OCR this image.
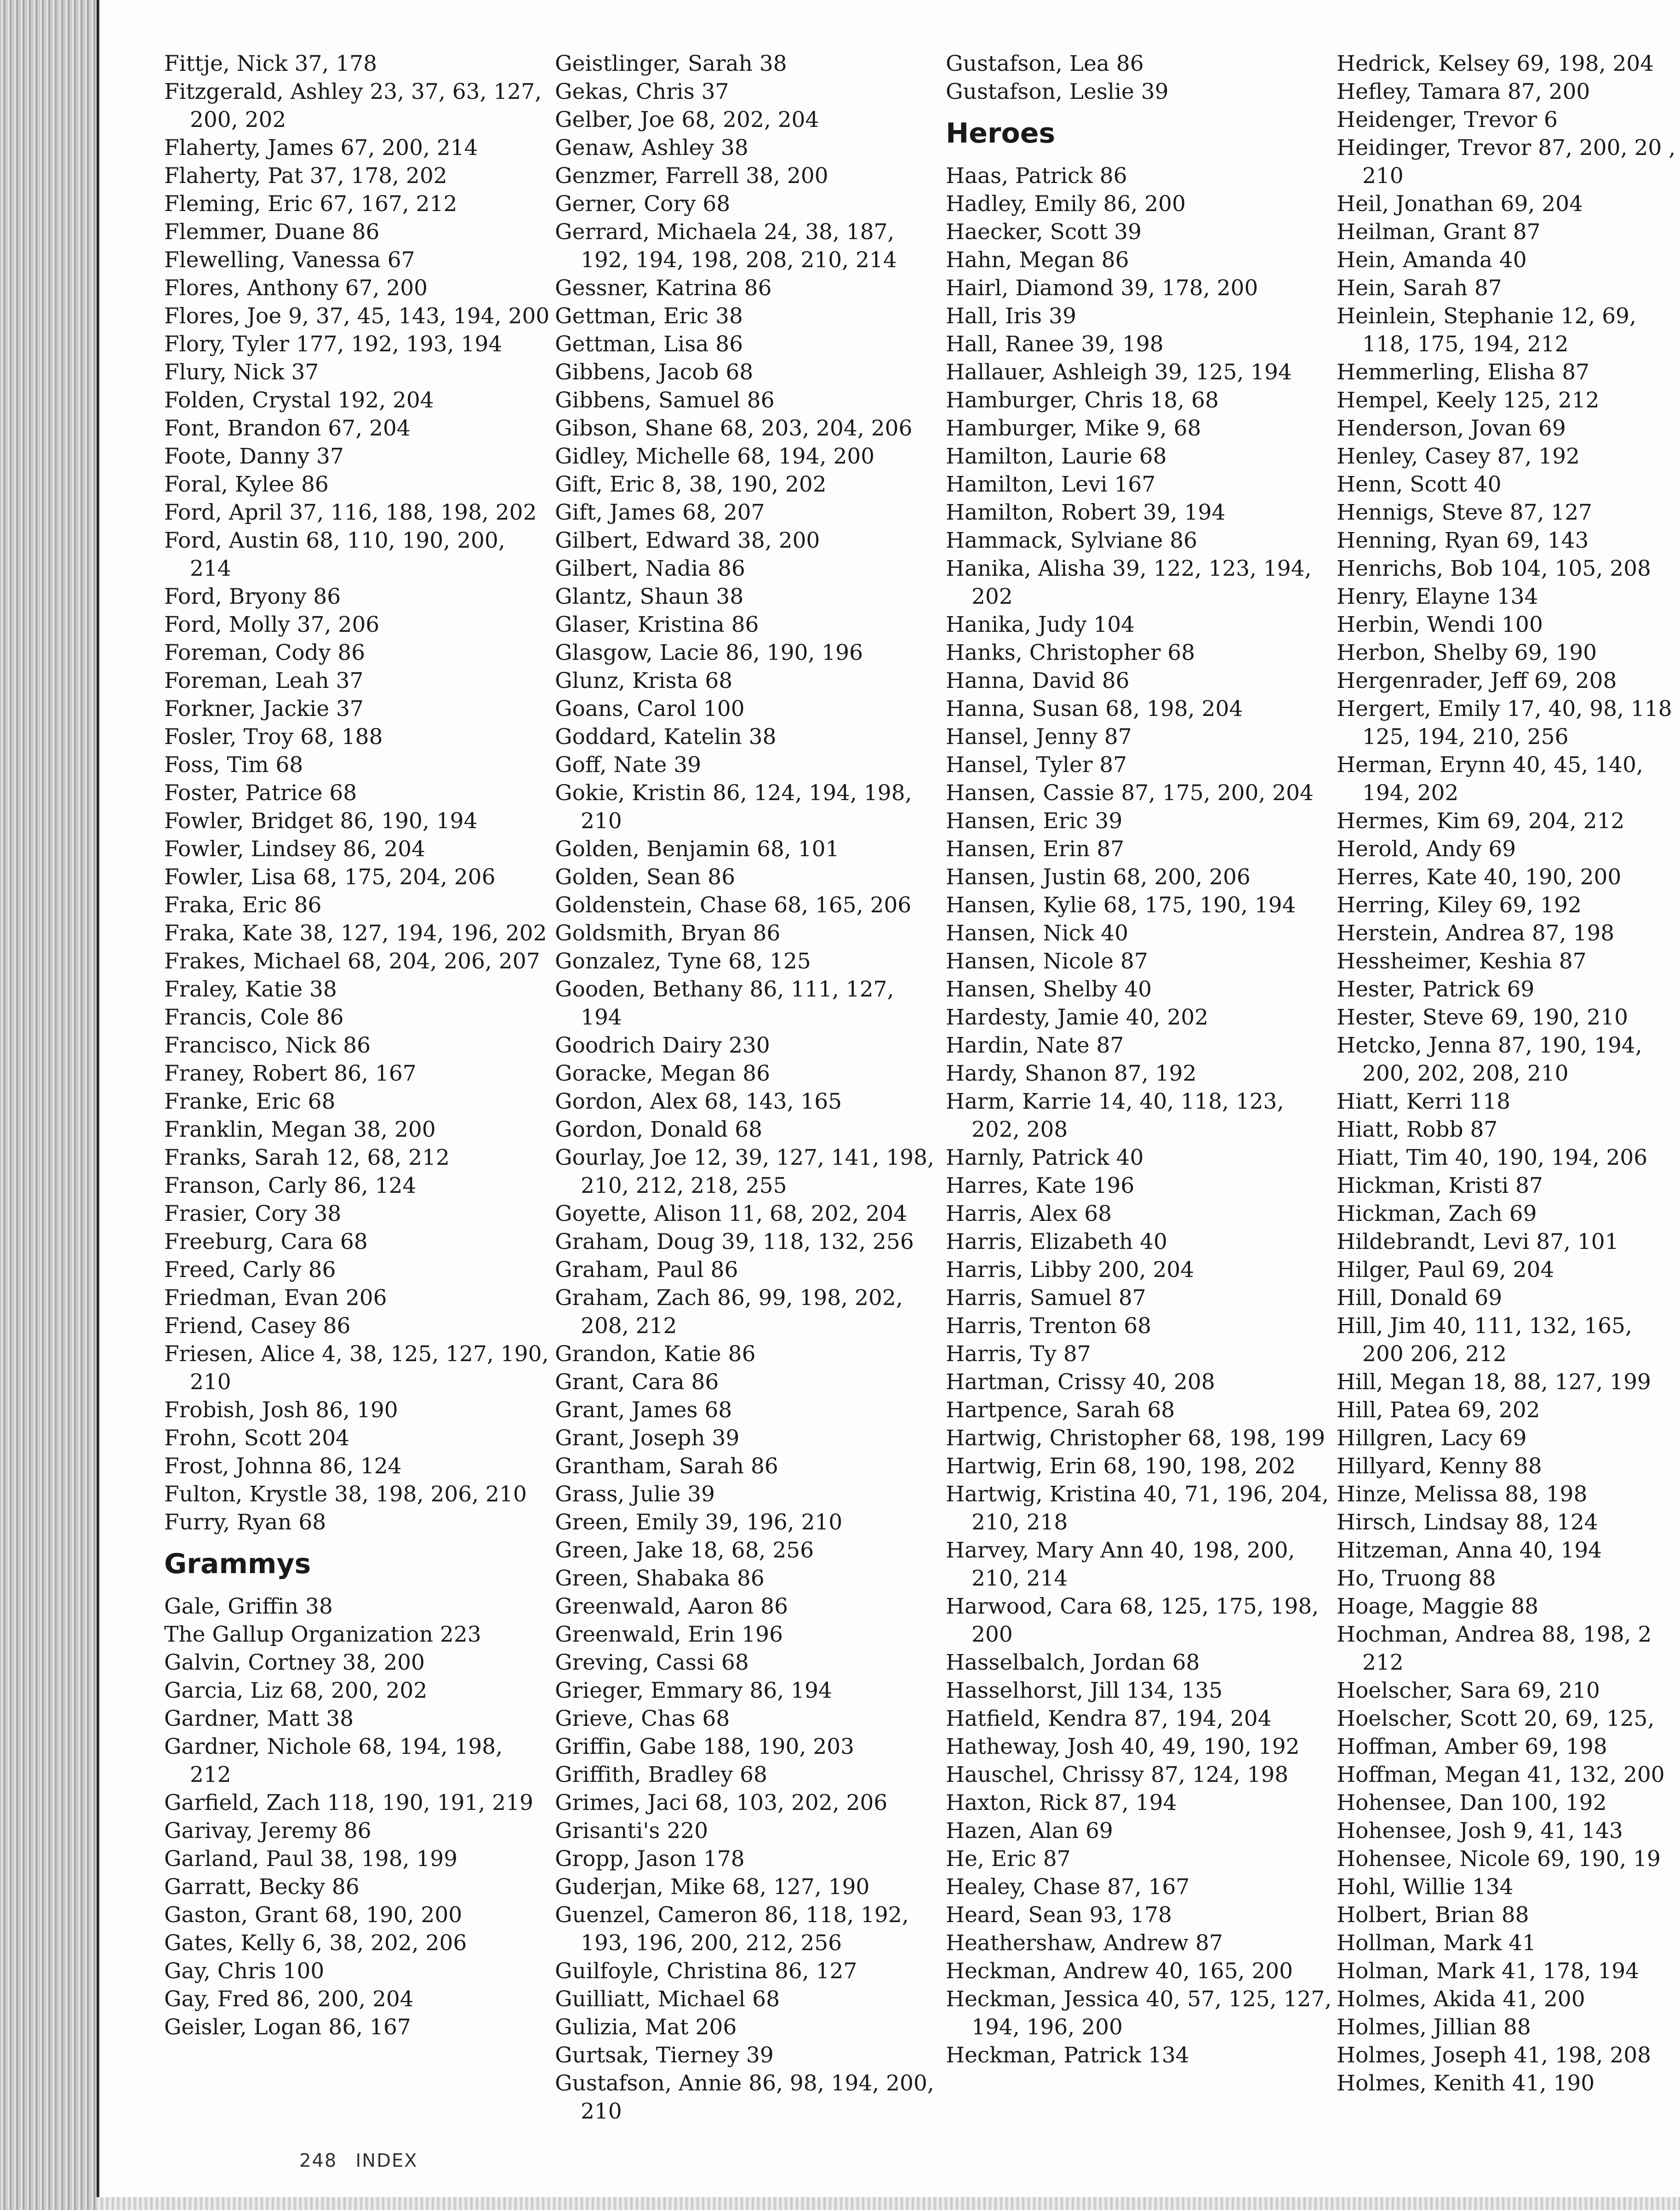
Fittje, Nick 37, 178
Fitzgerald, Ashley 23, 37, 63, 127, 200, 202
Flaherty, James 67, 200, 214
Flaherty, Pat 37, 178, 202
Fleming, Eric 67, 167, 212
Flemmer, Duane 86
Flewelling, Vanessa 67
Flores, Anthony 67, 200
Flores, Joe 9, 37, 45, 143, 194, 200
Flory, Tyler 177, 192, 193, 194
Flury, Nick 37
Folden, Crystal 192, 204
Font, Brandon 67, 204
Foote, Danny 37
Foral, Kylee 86
Ford, April 37, 116, 188, 198, 202
Ford, Austin 68, 110, 190, 200, 214
Ford, Bryony 86
Ford, Molly 37, 206
Foreman, Cody 86
Foreman, Leah 37
Forkner, Jackie 37
Fosler, Troy 68, 188
Foss, Tim 68
Foster, Patrice 68
Fowler, Bridget 86, 190, 194
Fowler, Lindsey 86, 204
Fowler, Lisa 68, 175, 204, 206
Fraka, Eric 86
Fraka, Kate 38, 127, 194, 196, 202
Frakes, Michael 68, 204, 206, 207
Fraley, Katie 38
Francis, Cole 86
Francisco, Nick 86
Franey, Robert 86, 167
Franke, Eric 68
Franklin, Megan 38, 200
Franks, Sarah 12, 68, 212
Franson, Carly 86, 124
Frasier, Cory 38
Freeburg, Cara 68
Freed, Carly 86
Friedman, Evan 206
Friend, Casey 86
Friesen, Alice 4, 38, 125, 127, 190, 210
Frobish, Josh 86, 190
Frohn, Scott 204
Frost, Johnna 86, 124
Fulton, Krystle 38, 198, 206, 210
Furry, Ryan 68
Grammys
Gale, Griffin 38
The Gallup Organization 223
Galvin, Cortney 38, 200
Garcia, Liz 68, 200, 202
Gardner, Matt 38
Gardner, Nichole 68, 194, 198, 212
Garfield, Zach 118, 190, 191, 219
Garivay, Jeremy 86
Garland, Paul 38, 198, 199
Garratt, Becky 86
Gaston, Grant 68, 190, 200
Gates, Kelly 6, 38, 202, 206
Gay, Chris 100
Gay, Fred 86, 200, 204
Geisler, Logan 86, 167
Geistlinger, Sarah 38
Gekas, Chris 37
Gelber, Joe 68, 202, 204
Genaw, Ashley 38
Genzmer, Farrell 38, 200
Gerner, Cory 68
Gerrard, Michaela 24, 38, 187, 192, 194, 198, 208, 210, 214
Gessner, Katrina 86
Gettman, Eric 38
Gettman, Lisa 86
Gibbens, Jacob 68
Gibbens, Samuel 86
Gibson, Shane 68, 203, 204, 206
Gidley, Michelle 68, 194, 200
Gift, Eric 8, 38, 190, 202
Gift, James 68, 207
Gilbert, Edward 38, 200
Gilbert, Nadia 86
Glantz, Shaun 38
Glaser, Kristina 86
Glasgow, Lacie 86, 190, 196
Glunz, Krista 68
Goans, Carol 100
Goddard, Katelin 38
Goff, Nate 39
Gokie, Kristin 86, 124, 194, 198, 210
Golden, Benjamin 68, 101
Golden, Sean 86
Goldenstein, Chase 68, 165, 206
Goldsmith, Bryan 86
Gonzalez, Tyne 68, 125
Gooden, Bethany 86, 111, 127, 194
Goodrich Dairy 230
Goracke, Megan 86
Gordon, Alex 68, 143, 165
Gordon, Donald 68
Gourlay, Joe 12, 39, 127, 141, 198, 210, 212, 218, 255
Goyette, Alison 11, 68, 202, 204
Graham, Doug 39, 118, 132, 256
Graham, Paul 86
Graham, Zach 86, 99, 198, 202, 208, 212
Grandon, Katie 86
Grant, Cara 86
Grant, James 68
Grant, Joseph 39
Grantham, Sarah 86
Grass, Julie 39
Green, Emily 39, 196, 210
Green, Jake 18, 68, 256
Green, Shabaka 86
Greenwald, Aaron 86
Greenwald, Erin 196
Greving, Cassi 68
Grieger, Emmary 86, 194
Grieve, Chas 68
Griffin, Gabe 188, 190, 203
Griffith, Bradley 68
Grimes, Jaci 68, 103, 202, 206
Grisanti's 220
Gropp, Jason 178
Guderjan, Mike 68, 127, 190
Guenzel, Cameron 86, 118, 192, 193, 196, 200, 212, 256
Guilfoyle, Christina 86, 127
Guilliatt, Michael 68
Gulizia, Mat 206
Gurtsak, Tierney 39
Gustafson, Annie 86, 98, 194, 200, 210
Gustafson, Lea 86
Gustafson, Leslie 39
Heroes
Haas, Patrick 86
Hadley, Emily 86, 200
Haecker, Scott 39
Hahn, Megan 86
Hairl, Diamond 39, 178, 200
Hall, Iris 39
Hall, Ranee 39, 198
Hallauer, Ashleigh 39, 125, 194
Hamburger, Chris 18, 68
Hamburger, Mike 9, 68
Hamilton, Laurie 68
Hamilton, Levi 167
Hamilton, Robert 39, 194
Hammack, Sylviane 86
Hanika, Alisha 39, 122, 123, 194, 202
Hanika, Judy 104
Hanks, Christopher 68
Hanna, David 86
Hanna, Susan 68, 198, 204
Hansel, Jenny 87
Hansel, Tyler 87
Hansen, Cassie 87, 175, 200, 204
Hansen, Eric 39
Hansen, Erin 87
Hansen, Justin 68, 200, 206
Hansen, Kylie 68, 175, 190, 194
Hansen, Nick 40
Hansen, Nicole 87
Hansen, Shelby 40
Hardesty, Jamie 40, 202
Hardin, Nate 87
Hardy, Shanon 87, 192
Harm, Karrie 14, 40, 118, 123, 202, 208
Harnly, Patrick 40
Harres, Kate 196
Harris, Alex 68
Harris, Elizabeth 40
Harris, Libby 200, 204
Harris, Samuel 87
Harris, Trenton 68
Harris, Ty 87
Hartman, Crissy 40, 208
Hartpence, Sarah 68
Hartwig, Christopher 68, 198, 199
Hartwig, Erin 68, 190, 198, 202
Hartwig, Kristina 40, 71, 196, 204, 210, 218
Harvey, Mary Ann 40, 198, 200, 210, 214
Harwood, Cara 68, 125, 175, 198, 200
Hasselbalch, Jordan 68
Hasselhorst, Jill 134, 135
Hatfield, Kendra 87, 194, 204
Hatheway, Josh 40, 49, 190, 192
Hauschel, Chrissy 87, 124, 198
Haxton, Rick 87, 194
Hazen, Alan 69
He, Eric 87
Healey, Chase 87, 167
Heard, Sean 93, 178
Heathershaw, Andrew 87
Heckman, Andrew 40, 165, 200
Heckman, Jessica 40, 57, 125, 127, 194, 196, 200
Heckman, Patrick 134
Hedrick, Kelsey 69, 198, 204
Hefley, Tamara 87, 200
Heidenger, Trevor 6
Heidinger, Trevor 87, 200, 20 , 210
Heil, Jonathan 69, 204
Heilman, Grant 87
Hein, Amanda 40
Hein, Sarah 87
Heinlein, Stephanie 12, 69, 118, 175, 194, 212
Hemmerling, Elisha 87
Hempel, Keely 125, 212
Henderson, Jovan 69
Henley, Casey 87, 192
Henn, Scott 40
Hennigs, Steve 87, 127
Henning, Ryan 69, 143
Henrichs, Bob 104, 105, 208
Henry, Elayne 134
Herbin, Wendi 100
Herbon, Shelby 69, 190
Hergenrader, Jeff 69, 208
Hergert, Emily 17, 40, 98, 118 125, 194, 210, 256
Herman, Erynn 40, 45, 140, 194, 202
Hermes, Kim 69, 204, 212
Herold, Andy 69
Herres, Kate 40, 190, 200
Herring, Kiley 69, 192
Herstein, Andrea 87, 198
Hessheimer, Keshia 87
Hester, Patrick 69
Hester, Steve 69, 190, 210
Hetcko, Jenna 87, 190, 194, 200, 202, 208, 210
Hiatt, Kerri 118
Hiatt, Robb 87
Hiatt, Tim 40, 190, 194, 206
Hickman, Kristi 87
Hickman, Zach 69
Hildebrandt, Levi 87, 101
Hilger, Paul 69, 204
Hill, Donald 69
Hill, Jim 40, 111, 132, 165, 200 206, 212
Hill, Megan 18, 88, 127, 199
Hill, Patea 69, 202
Hillgren, Lacy 69
Hillyard, Kenny 88
Hinze, Melissa 88, 198
Hirsch, Lindsay 88, 124
Hitzeman, Anna 40, 194
Ho, Truong 88
Hoage, Maggie 88
Hochman, Andrea 88, 198, 2 212
Hoelscher, Sara 69, 210
Hoelscher, Scott 20, 69, 125,
Hoffman, Amber 69, 198
Hoffman, Megan 41, 132, 200
Hohensee, Dan 100, 192
Hohensee, Josh 9, 41, 143
Hohensee, Nicole 69, 190, 19
Hohl, Willie 134
Holbert, Brian 88
Hollman, Mark 41
Holman, Mark 41, 178, 194
Holmes, Akida 41, 200
Holmes, Jillian 88
Holmes, Joseph 41, 198, 208
Holmes, Kenith 41, 190
248 INDEX
